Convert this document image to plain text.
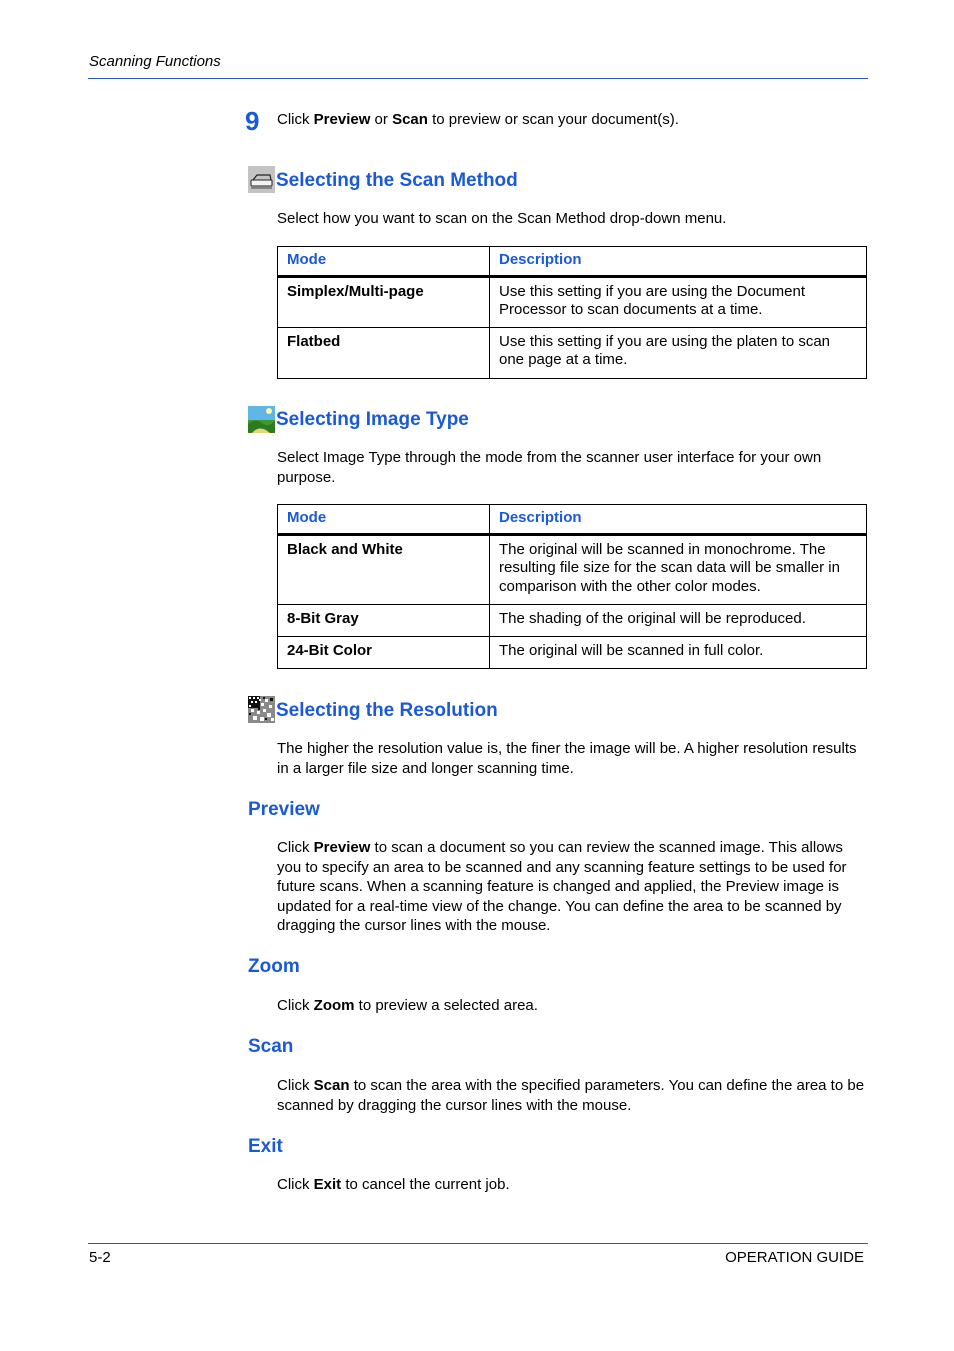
Scanning Functions
9 Click Preview or Scan to preview or scan your document(s).
Selecting the Scan Method
Select how you want to scan on the Scan Method drop-down menu.
Mode	Description
Simplex/Multi-page	Use this setting if you are using the Document Processor to scan documents at a time.
Flatbed	Use this setting if you are using the platen to scan one page at a time.
Selecting Image Type
Select Image Type through the mode from the scanner user interface for your own purpose.
Mode	Description
Black and White	The original will be scanned in monochrome. The resulting file size for the scan data will be smaller in comparison with the other color modes.
8-Bit Gray	The shading of the original will be reproduced.
24-Bit Color	The original will be scanned in full color.
Selecting the Resolution
The higher the resolution value is, the finer the image will be. A higher resolution results in a larger file size and longer scanning time.
Preview
Click Preview to scan a document so you can review the scanned image. This allows you to specify an area to be scanned and any scanning feature settings to be used for future scans. When a scanning feature is changed and applied, the Preview image is updated for a real-time view of the change. You can define the area to be scanned by dragging the cursor lines with the mouse.
Zoom
Click Zoom to preview a selected area.
Scan
Click Scan to scan the area with the specified parameters. You can define the area to be scanned by dragging the cursor lines with the mouse.
Exit
Click Exit to cancel the current job.
5-2	OPERATION GUIDE
